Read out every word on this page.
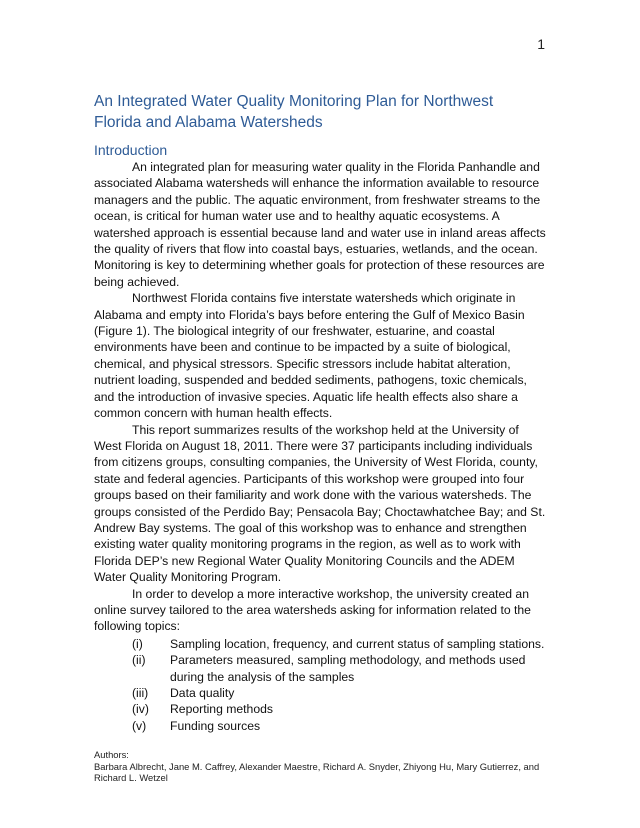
1
An Integrated Water Quality Monitoring Plan for Northwest Florida and Alabama Watersheds
Introduction

An integrated plan for measuring water quality in the Florida Panhandle and associated Alabama watersheds will enhance the information available to resource managers and the public. The aquatic environment, from freshwater streams to the ocean, is critical for human water use and to healthy aquatic ecosystems. A watershed approach is essential because land and water use in inland areas affects the quality of rivers that flow into coastal bays, estuaries, wetlands, and the ocean. Monitoring is key to determining whether goals for protection of these resources are being achieved.

Northwest Florida contains five interstate watersheds which originate in Alabama and empty into Florida’s bays before entering the Gulf of Mexico Basin (Figure 1). The biological integrity of our freshwater, estuarine, and coastal environments have been and continue to be impacted by a suite of biological, chemical, and physical stressors. Specific stressors include habitat alteration, nutrient loading, suspended and bedded sediments, pathogens, toxic chemicals, and the introduction of invasive species. Aquatic life health effects also share a common concern with human health effects.

This report summarizes results of the workshop held at the University of West Florida on August 18, 2011. There were 37 participants including individuals from citizens groups, consulting companies, the University of West Florida, county, state and federal agencies. Participants of this workshop were grouped into four groups based on their familiarity and work done with the various watersheds. The groups consisted of the Perdido Bay; Pensacola Bay; Choctawhatchee Bay; and St. Andrew Bay systems. The goal of this workshop was to enhance and strengthen existing water quality monitoring programs in the region, as well as to work with Florida DEP’s new Regional Water Quality Monitoring Councils and the ADEM Water Quality Monitoring Program.

In order to develop a more interactive workshop, the university created an online survey tailored to the area watersheds asking for information related to the following topics:

(i)	Sampling location, frequency, and current status of sampling stations.
(ii)	Parameters measured, sampling methodology, and methods used during the analysis of the samples
(iii)	Data quality
(iv)	Reporting methods
(v)	Funding sources
Authors:
Barbara Albrecht, Jane M. Caffrey, Alexander Maestre, Richard A. Snyder, Zhiyong Hu, Mary Gutierrez, and Richard L. Wetzel
